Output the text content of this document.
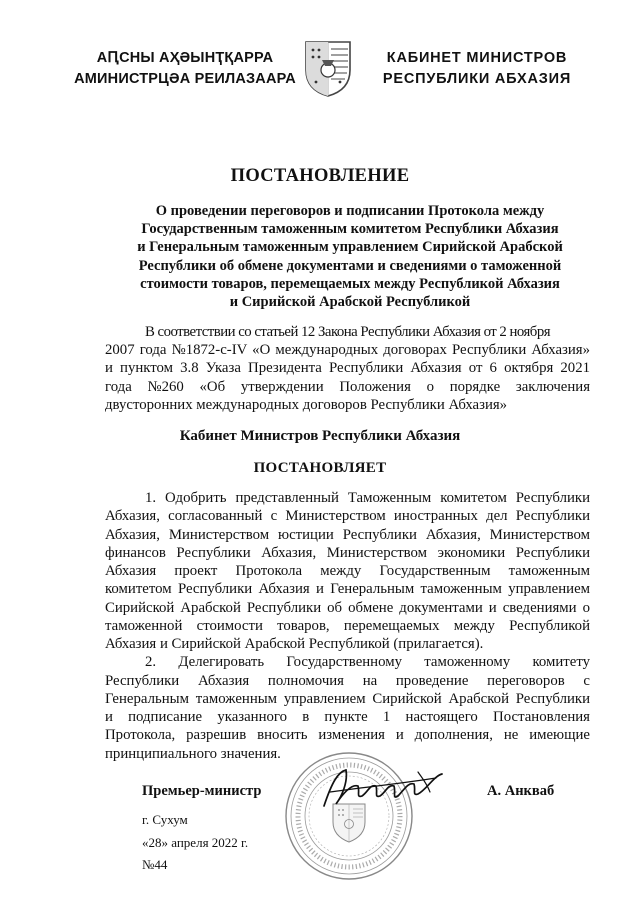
АԤСНЫ АҲӘЫНҬҚАРРА
АМИНИСТРЦӘА РЕИЛАЗААРА
КАБИНЕТ МИНИСТРОВ
РЕСПУБЛИКИ АБХАЗИЯ
ПОСТАНОВЛЕНИЕ
О проведении переговоров и подписании Протокола между
Государственным таможенным комитетом Республики Абхазия
и Генеральным таможенным управлением Сирийской Арабской
Республики об обмене документами и сведениями о таможенной
стоимости товаров, перемещаемых между Республикой Абхазия
и Сирийской Арабской Республикой
В соответствии со статьей 12 Закона Республики Абхазия от 2 ноября
2007 года №1872-с-IV «О международных договорах Республики Абхазия»
и пунктом 3.8 Указа Президента Республики Абхазия от 6 октября 2021
года №260 «Об утверждении Положения о порядке заключения
двусторонних международных договоров Республики Абхазия»
Кабинет Министров Республики Абхазия
ПОСТАНОВЛЯЕТ
1. Одобрить представленный Таможенным комитетом Республики
Абхазия, согласованный с Министерством иностранных дел Республики
Абхазия, Министерством юстиции Республики Абхазия, Министерством
финансов Республики Абхазия, Министерством экономики Республики
Абхазия проект Протокола между Государственным таможенным
комитетом Республики Абхазия и Генеральным таможенным управлением
Сирийской Арабской Республики об обмене документами и сведениями о
таможенной стоимости товаров, перемещаемых между Республикой
Абхазия и Сирийской Арабской Республикой (прилагается).
2. Делегировать Государственному таможенному комитету
Республики Абхазия полномочия на проведение переговоров с
Генеральным таможенным управлением Сирийской Арабской Республики
и подписание указанного в пункте 1 настоящего Постановления
Протокола, разрешив вносить изменения и дополнения, не имеющие
принципиального значения.
Премьер-министр	А. Анкваб
г. Сухум
«28» апреля 2022 г.
№44
